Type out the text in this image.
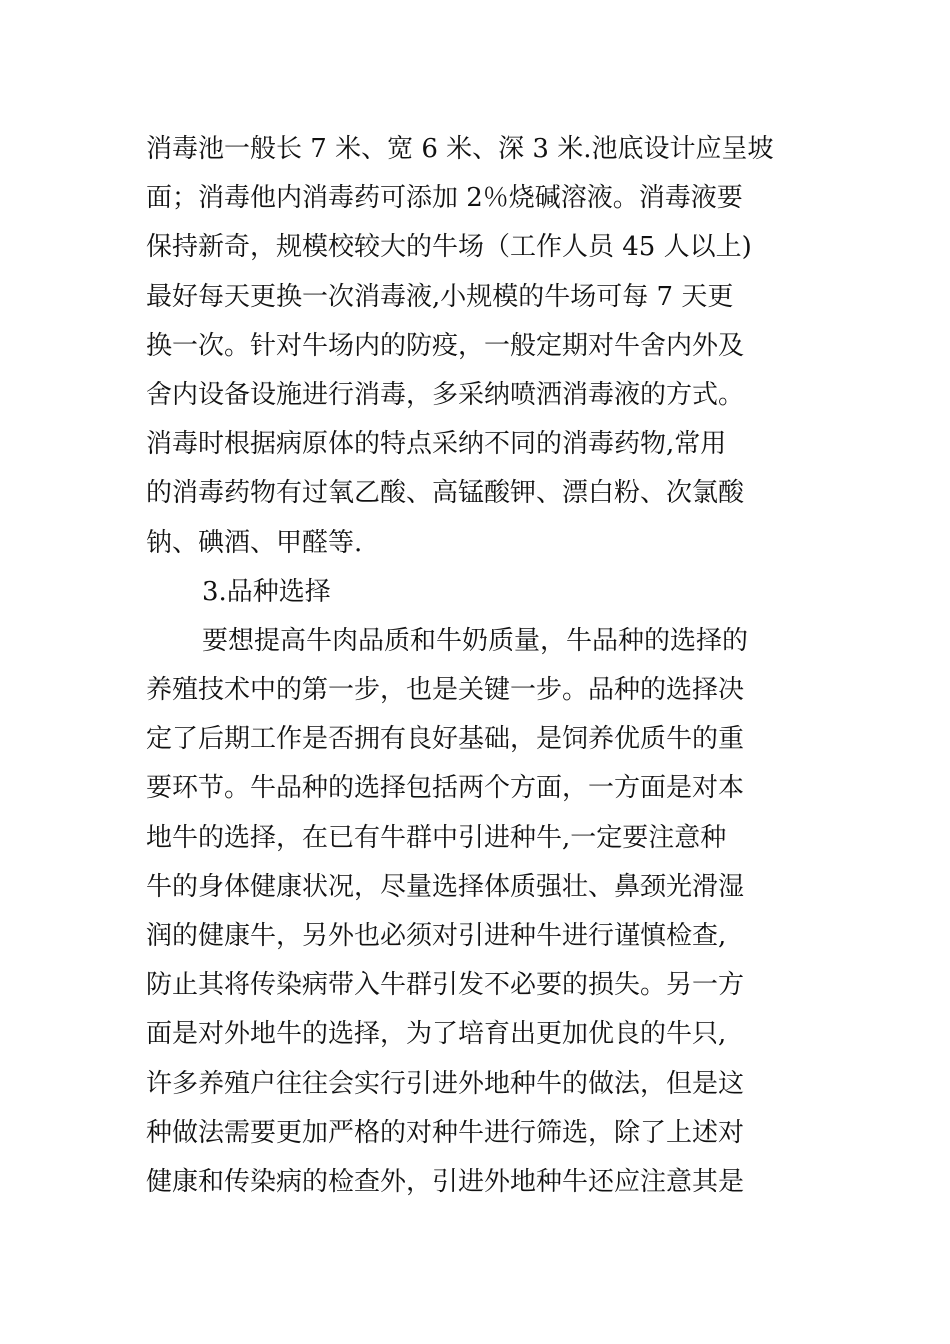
消毒池一般长 7 米、宽 6 米、深 3 米.池底设计应呈坡
面；消毒他内消毒药可添加 2％烧碱溶液。消毒液要
保持新奇，规模校较大的牛场（工作人员 45 人以上)
最好每天更换一次消毒液,小规模的牛场可每 7 天更
换一次。针对牛场内的防疫，一般定期对牛舍内外及
舍内设备设施进行消毒，多采纳喷洒消毒液的方式。
消毒时根据病原体的特点采纳不同的消毒药物,常用
的消毒药物有过氧乙酸、高锰酸钾、漂白粉、次氯酸
钠、碘酒、甲醛等.
3.品种选择
要想提高牛肉品质和牛奶质量，牛品种的选择的
养殖技术中的第一步，也是关键一步。品种的选择决
定了后期工作是否拥有良好基础，是饲养优质牛的重
要环节。牛品种的选择包括两个方面，一方面是对本
地牛的选择，在已有牛群中引进种牛,一定要注意种
牛的身体健康状况，尽量选择体质强壮、鼻颈光滑湿
润的健康牛，另外也必须对引进种牛进行谨慎检查,
防止其将传染病带入牛群引发不必要的损失。另一方
面是对外地牛的选择，为了培育出更加优良的牛只,
许多养殖户往往会实行引进外地种牛的做法，但是这
种做法需要更加严格的对种牛进行筛选，除了上述对
健康和传染病的检查外，引进外地种牛还应注意其是
